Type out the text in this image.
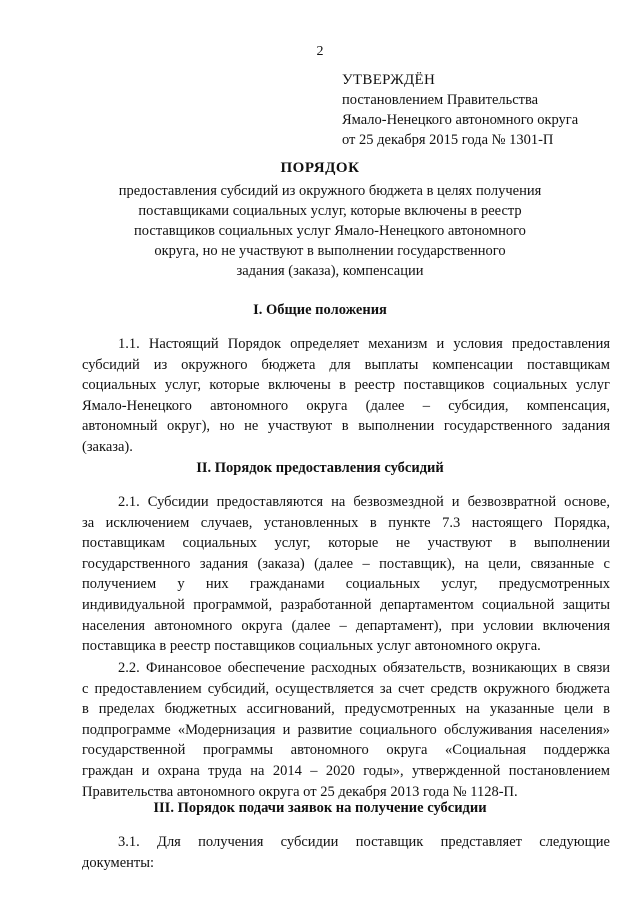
2
УТВЕРЖДЁН
постановлением Правительства
Ямало-Ненецкого автономного округа
от 25 декабря 2015 года № 1301-П
ПОРЯДОК
предоставления субсидий из окружного бюджета в целях получения
поставщиками социальных услуг, которые включены в реестр
поставщиков социальных услуг Ямало-Ненецкого автономного
округа, но не участвуют в выполнении государственного
задания (заказа), компенсации
I. Общие положения
1.1. Настоящий Порядок определяет механизм и условия предоставления
субсидий из окружного бюджета для выплаты компенсации поставщикам
социальных услуг, которые включены в реестр поставщиков социальных услуг
Ямало-Ненецкого автономного округа (далее – субсидия, компенсация,
автономный округ), но не участвуют в выполнении государственного задания
(заказа).
II. Порядок предоставления субсидий
2.1. Субсидии предоставляются на безвозмездной и безвозвратной основе,
за исключением случаев, установленных в пункте 7.3 настоящего Порядка,
поставщикам социальных услуг, которые не участвуют в выполнении
государственного задания (заказа) (далее – поставщик), на цели, связанные с
получением у них гражданами социальных услуг, предусмотренных
индивидуальной программой, разработанной департаментом социальной защиты
населения автономного округа (далее – департамент), при условии включения
поставщика в реестр поставщиков социальных услуг автономного округа.
2.2. Финансовое обеспечение расходных обязательств, возникающих в связи
с предоставлением субсидий, осуществляется за счет средств окружного бюджета
в пределах бюджетных ассигнований, предусмотренных на указанные цели в
подпрограмме «Модернизация и развитие социального обслуживания населения»
государственной программы автономного округа «Социальная поддержка
граждан и охрана труда на 2014 – 2020 годы», утвержденной постановлением
Правительства автономного округа от 25 декабря 2013 года № 1128-П.
III. Порядок подачи заявок на получение субсидии
3.1. Для получения субсидии поставщик представляет следующие
документы:
